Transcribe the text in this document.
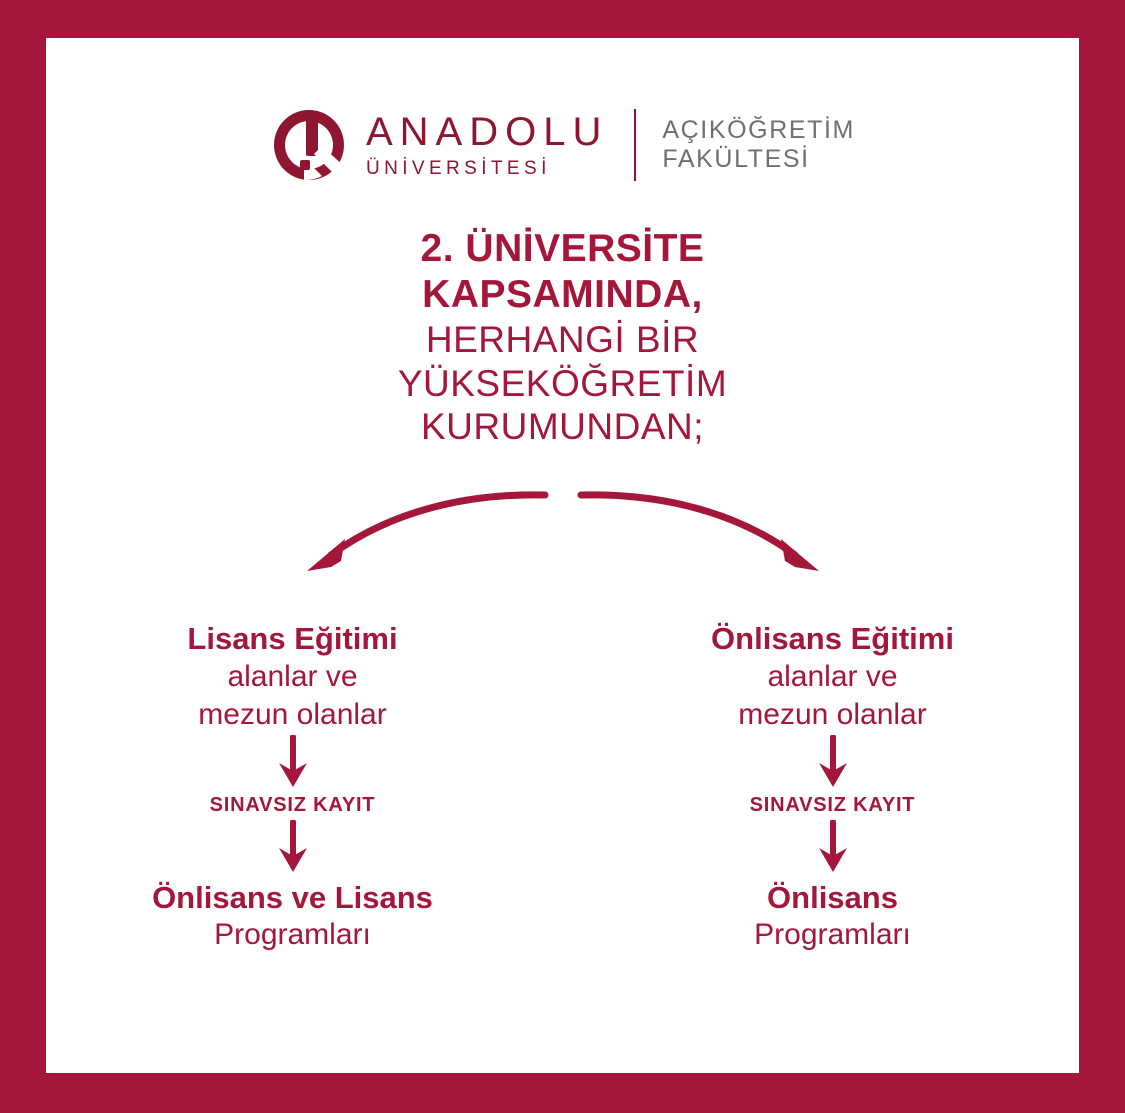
ANADOLU
ÜNİVERSİTESİ
AÇIKÖĞRETİM
FAKÜLTESİ
2. ÜNİVERSİTE
KAPSAMINDA,
HERHANGİ BİR
YÜKSEKÖĞRETİM
KURUMUNDAN;
Lisans Eğitimi
alanlar ve
mezun olanlar
SINAVSIZ KAYIT
Önlisans ve Lisans
Programları
Önlisans Eğitimi
alanlar ve
mezun olanlar
SINAVSIZ KAYIT
Önlisans
Programları
